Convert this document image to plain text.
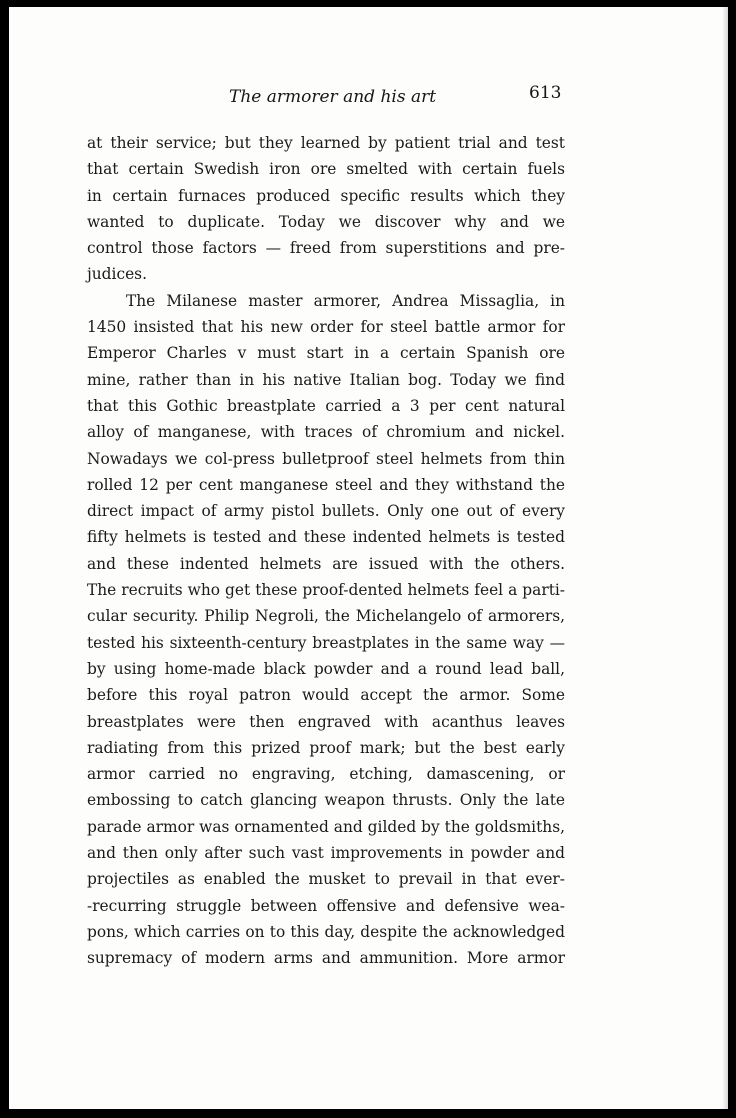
The armorer and his art	613

at their service; but they learned by patient trial and test
that certain Swedish iron ore smelted with certain fuels
in certain furnaces produced specific results which they
wanted to duplicate. Today we discover why and we
control those factors — freed from superstitions and pre-
judices.

The Milanese master armorer, Andrea Missaglia, in
1450 insisted that his new order for steel battle armor for
Emperor Charles v must start in a certain Spanish ore
mine, rather than in his native Italian bog. Today we find
that this Gothic breastplate carried a 3 per cent natural
alloy of manganese, with traces of chromium and nickel.
Nowadays we col-press bulletproof steel helmets from thin
rolled 12 per cent manganese steel and they withstand the
direct impact of army pistol bullets. Only one out of every
fifty helmets is tested and these indented helmets is tested
and these indented helmets are issued with the others.
The recruits who get these proof-dented helmets feel a parti-
cular security. Philip Negroli, the Michelangelo of armorers,
tested his sixteenth-century breastplates in the same way —
by using home-made black powder and a round lead ball,
before this royal patron would accept the armor. Some
breastplates were then engraved with acanthus leaves
radiating from this prized proof mark; but the best early
armor carried no engraving, etching, damascening, or
embossing to catch glancing weapon thrusts. Only the late
parade armor was ornamented and gilded by the goldsmiths,
and then only after such vast improvements in powder and
projectiles as enabled the musket to prevail in that ever-
-recurring struggle between offensive and defensive wea-
pons, which carries on to this day, despite the acknowledged
supremacy of modern arms and ammunition. More armor
